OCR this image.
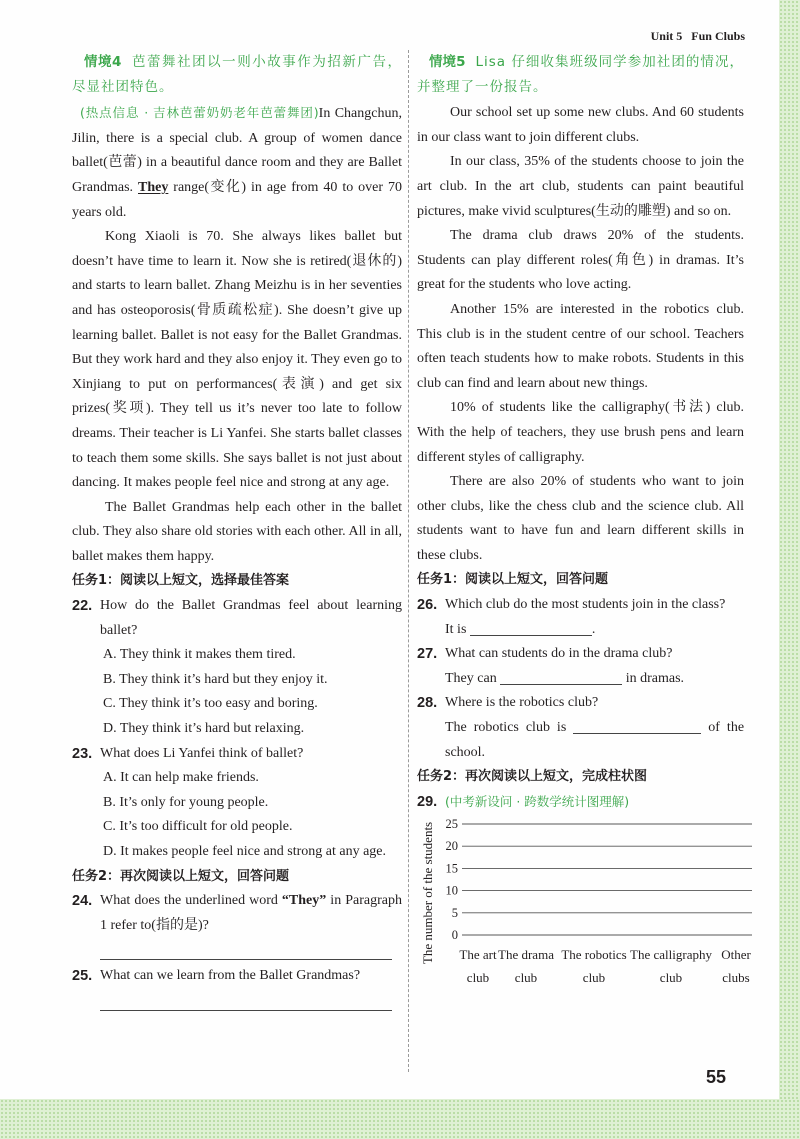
Unit 5 Fun Clubs

情境4 芭蕾舞社团以一则小故事作为招新广告，尽显社团特色。

(热点信息 · 吉林芭蕾奶奶老年芭蕾舞团)In Changchun, Jilin, there is a special club. A group of women dance ballet(芭蕾) in a beautiful dance room and they are Ballet Grandmas. They range(变化) in age from 40 to over 70 years old.

Kong Xiaoli is 70. She always likes ballet but doesn’t have time to learn it. Now she is retired(退休的) and starts to learn ballet. Zhang Meizhu is in her seventies and has osteoporosis(骨质疏松症). She doesn’t give up learning ballet. Ballet is not easy for the Ballet Grandmas. But they work hard and they also enjoy it. They even go to Xinjiang to put on performances(表演) and get six prizes(奖项). They tell us it’s never too late to follow dreams. Their teacher is Li Yanfei. She starts ballet classes to teach them some skills. She says ballet is not just about dancing. It makes people feel nice and strong at any age.

The Ballet Grandmas help each other in the ballet club. They also share old stories with each other. All in all, ballet makes them happy.

任务1：阅读以上短文，选择最佳答案
22. How do the Ballet Grandmas feel about learning ballet?

A. They think it makes them tired.
B. They think it’s hard but they enjoy it.
C. They think it’s too easy and boring.
D. They think it’s hard but relaxing.
23. What does Li Yanfei think of ballet?

A. It can help make friends.
B. It’s only for young people.
C. It’s too difficult for old people.
D. It makes people feel nice and strong at any age.
任务2：再次阅读以上短文，回答问题
24. What does the underlined word “They” in Paragraph 1 refer to(指的是)?

25. What can we learn from the Ballet Grandmas?

情境5 Lisa 仔细收集班级同学参加社团的情况，并整理了一份报告。

Our school set up some new clubs. And 60 students in our class want to join different clubs.

In our class, 35% of the students choose to join the art club. In the art club, students can paint beautiful pictures, make vivid sculptures(生动的雕塑) and so on.

The drama club draws 20% of the students. Students can play different roles(角色) in dramas. It’s great for the students who love acting.

Another 15% are interested in the robotics club. This club is in the student centre of our school. Teachers often teach students how to make robots. Students in this club can find and learn about new things.

10% of students like the calligraphy(书法) club. With the help of teachers, they use brush pens and learn different styles of calligraphy.

There are also 20% of students who want to join other clubs, like the chess club and the science club. All students want to have fun and learn different skills in these clubs.

任务1：阅读以上短文，回答问题
26. Which club do the most students join in the class?

It is	.

27. What can students do in the drama club?

They can	in dramas.

28. Where is the robotics club?

The robotics club is	of the school.

任务2：再次阅读以上短文，完成柱状图
29. (中考新设问 · 跨数学统计图理解)

0
5
10
15
20
25
The number of the students The art club
The drama club
The robotics club
The calligraphy club
Other clubs
55
